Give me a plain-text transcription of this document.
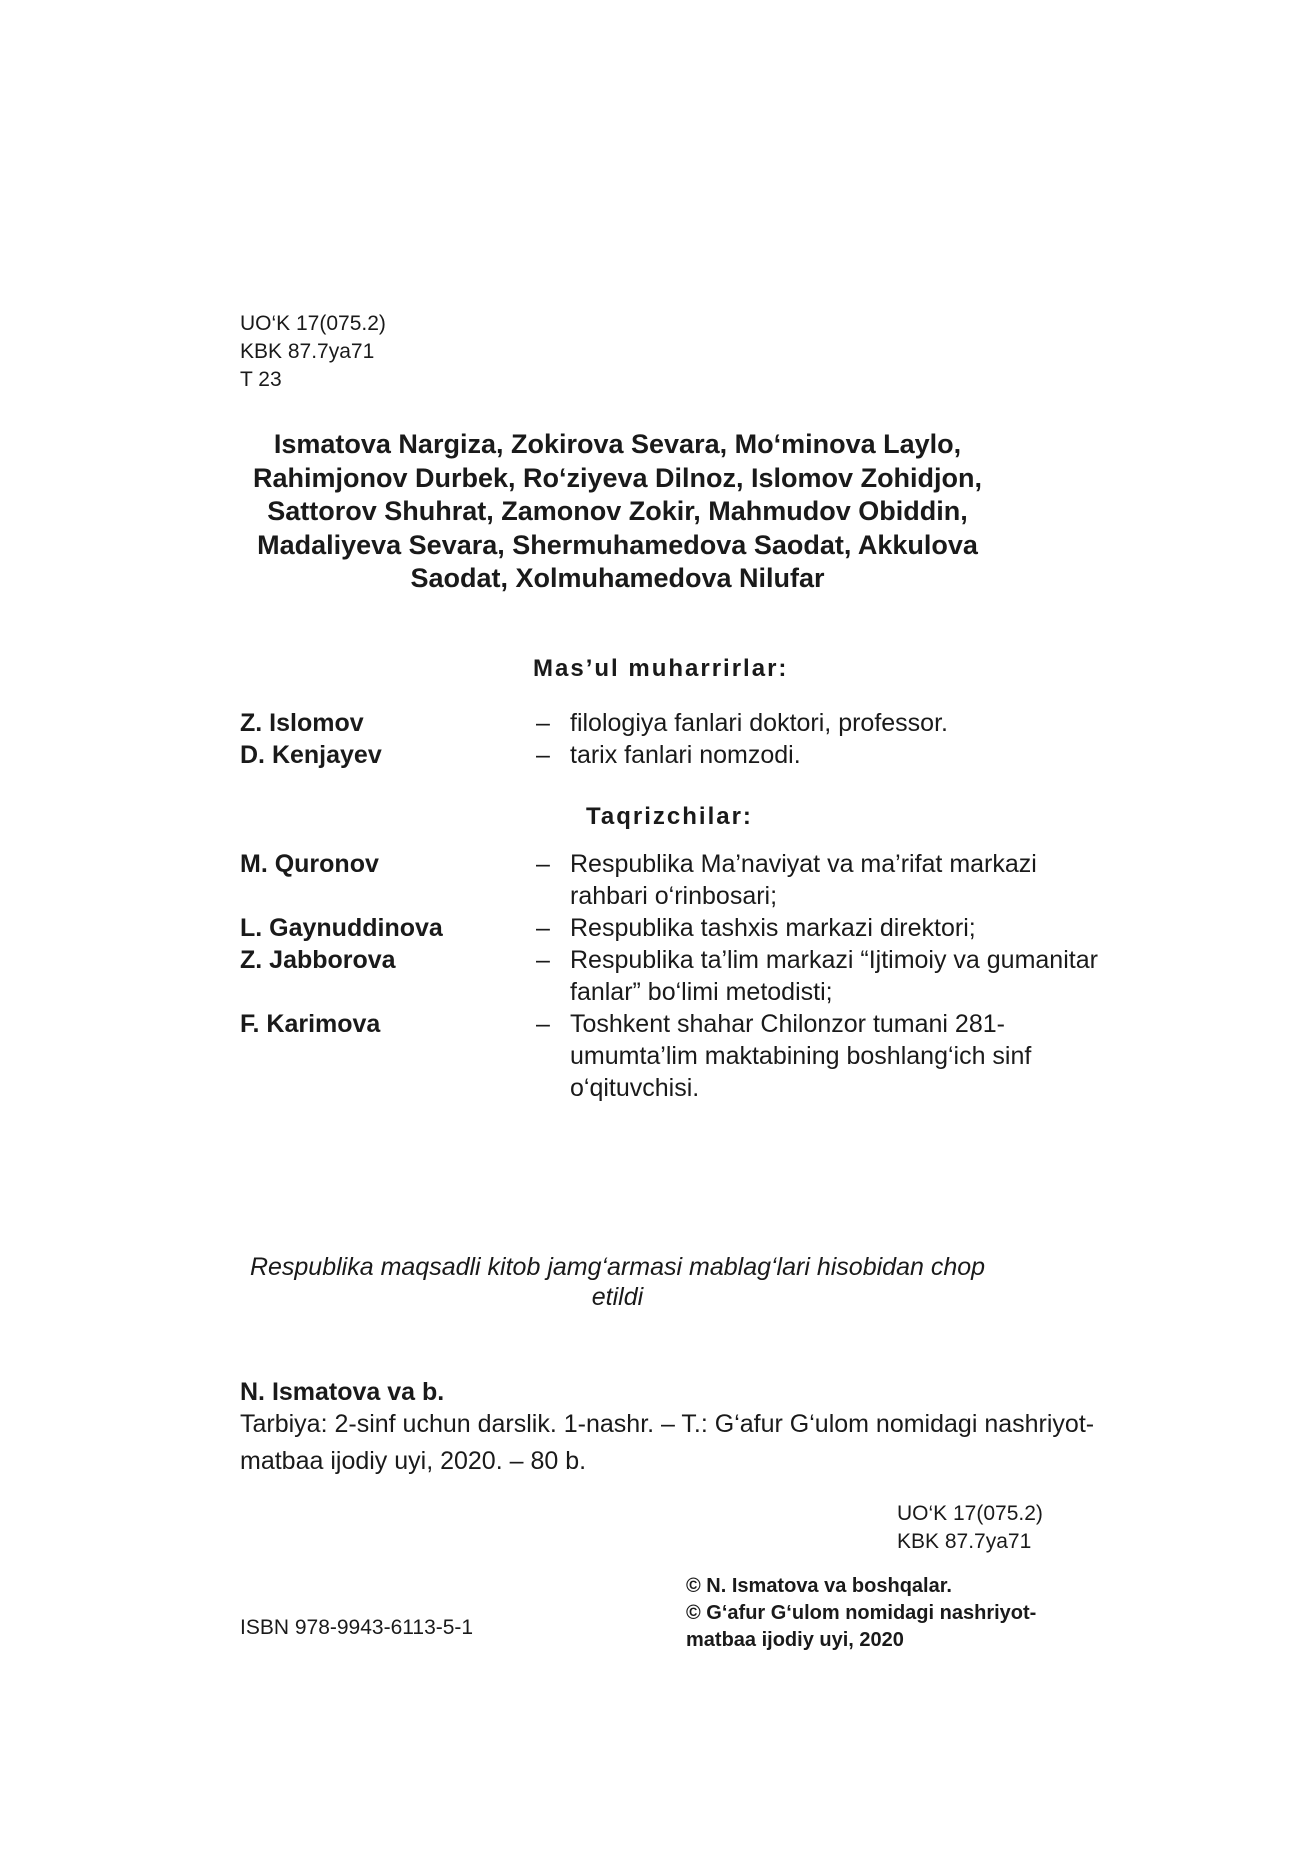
UO‘K 17(075.2)
KBK 87.7ya71
T 23
Ismatova Nargiza, Zokirova Sevara, Mo‘minova Laylo, Rahimjonov Durbek, Ro‘ziyeva Dilnoz, Islomov Zohidjon, Sattorov Shuhrat, Zamonov Zokir, Mahmudov Obiddin, Madaliyeva Sevara, Shermuhamedova Saodat, Akkulova Saodat, Xolmuhamedova Nilufar
Mas’ul muharrirlar:
Z. Islomov	– filologiya fanlari doktori, professor.
D. Kenjayev	– tarix fanlari nomzodi.
Taqrizchilar:
M. Quronov	– Respublika Ma’naviyat va ma’rifat markazi rahbari o‘rinbosari;
L. Gaynuddinova	– Respublika tashxis markazi direktori;
Z. Jabborova	– Respublika ta’lim markazi “Ijtimoiy va gumanitar fanlar” bo‘limi metodisti;
F. Karimova	– Toshkent shahar Chilonzor tumani 281-umumta’lim maktabining boshlang‘ich sinf o‘qituvchisi.
Respublika maqsadli kitob jamg‘armasi mablag‘lari hisobidan chop etildi
N. Ismatova va b.
Tarbiya: 2-sinf uchun darslik. 1-nashr. – T.: G‘afur G‘ulom nomidagi nashriyot-matbaa ijodiy uyi, 2020. – 80 b.
UO‘K 17(075.2)
KBK 87.7ya71
ISBN 978-9943-6113-5-1
© N. Ismatova va boshqalar.
© G‘afur G‘ulom nomidagi nashriyot-
matbaa ijodiy uyi, 2020
